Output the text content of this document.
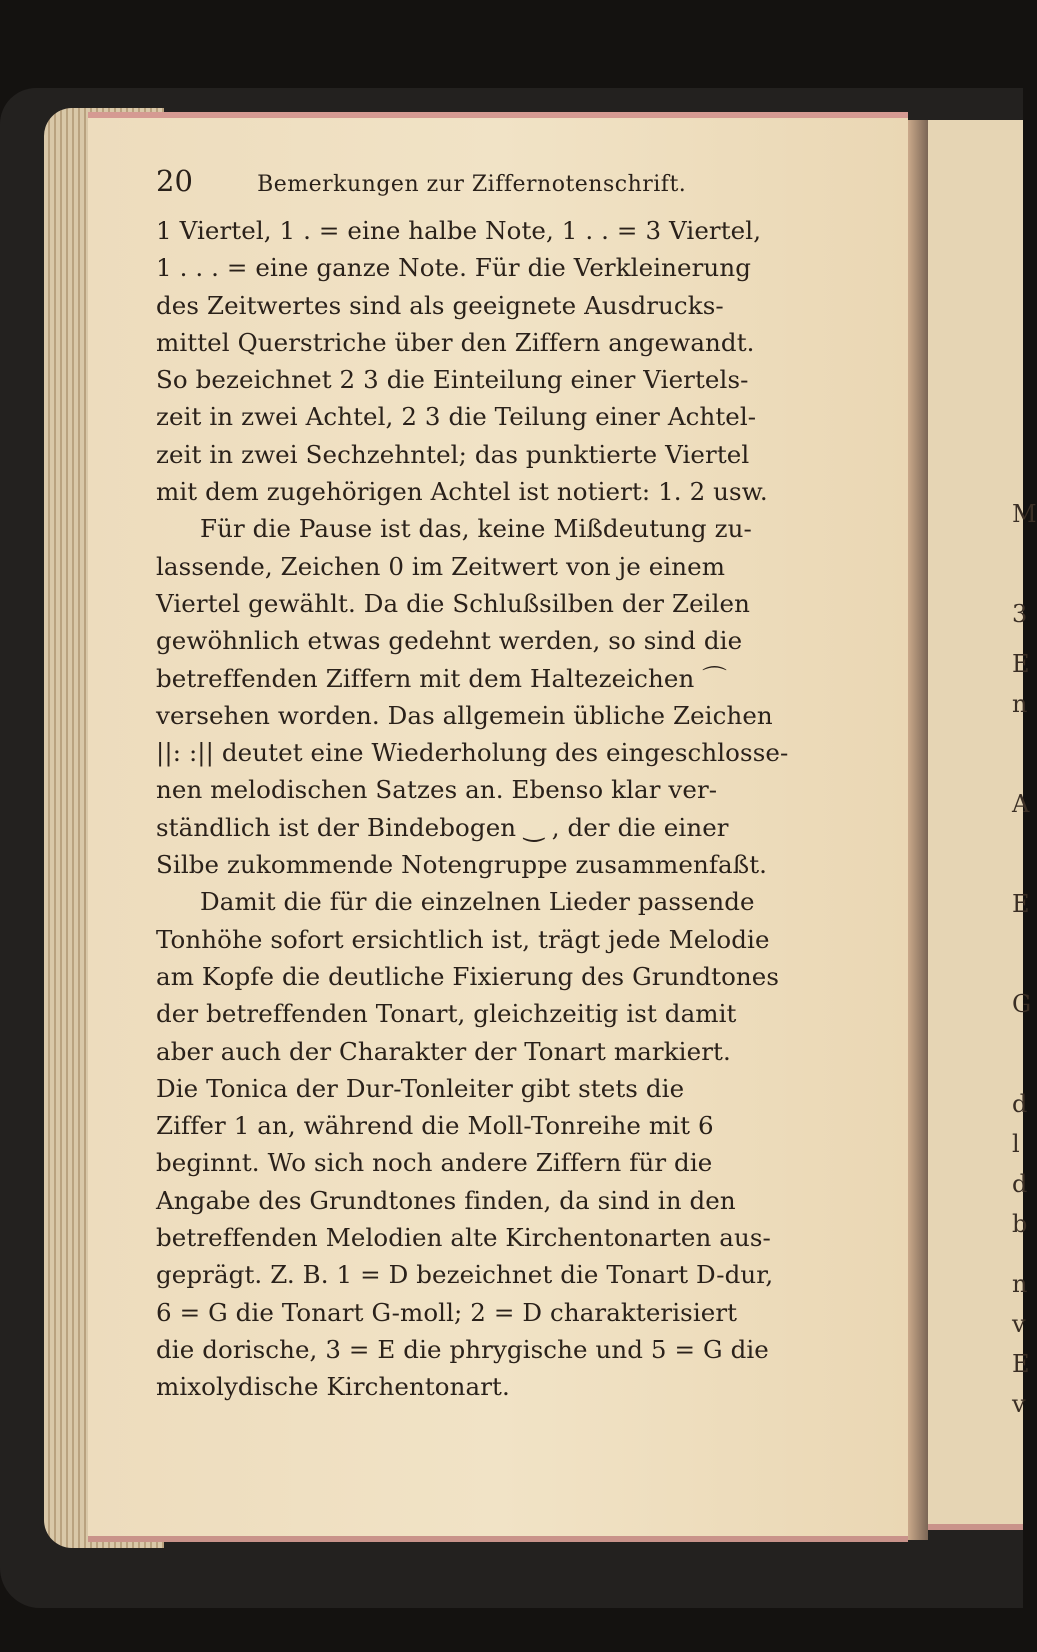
M
3
E
n
A
E
G
d
l
d
b
n
v
E
v
20	Bemerkungen zur Ziffernotenschrift.
1 Viertel, 1 . = eine halbe Note, 1 . . = 3 Viertel,
1 . . . = eine ganze Note. Für die Verkleinerung
des Zeitwertes sind als geeignete Ausdrucks-
mittel Querstriche über den Ziffern angewandt.
So bezeichnet 2 3 die Einteilung einer Viertels-
zeit in zwei Achtel, 2 3 die Teilung einer Achtel-
zeit in zwei Sechzehntel; das punktierte Viertel
mit dem zugehörigen Achtel ist notiert: 1. 2 usw.
Für die Pause ist das, keine Mißdeutung zu-
lassende, Zeichen 0 im Zeitwert von je einem
Viertel gewählt. Da die Schlußsilben der Zeilen
gewöhnlich etwas gedehnt werden, so sind die
betreffenden Ziffern mit dem Haltezeichen ⌒
versehen worden. Das allgemein übliche Zeichen
||: :|| deutet eine Wiederholung des eingeschlosse-
nen melodischen Satzes an. Ebenso klar ver-
ständlich ist der Bindebogen ‿ , der die einer
Silbe zukommende Notengruppe zusammenfaßt.
Damit die für die einzelnen Lieder passende
Tonhöhe sofort ersichtlich ist, trägt jede Melodie
am Kopfe die deutliche Fixierung des Grundtones
der betreffenden Tonart, gleichzeitig ist damit
aber auch der Charakter der Tonart markiert.
Die Tonica der Dur-Tonleiter gibt stets die
Ziffer 1 an, während die Moll-Tonreihe mit 6
beginnt. Wo sich noch andere Ziffern für die
Angabe des Grundtones finden, da sind in den
betreffenden Melodien alte Kirchentonarten aus-
geprägt. Z. B. 1 = D bezeichnet die Tonart D-dur,
6 = G die Tonart G-moll; 2 = D charakterisiert
die dorische, 3 = E die phrygische und 5 = G die
mixolydische Kirchentonart.
